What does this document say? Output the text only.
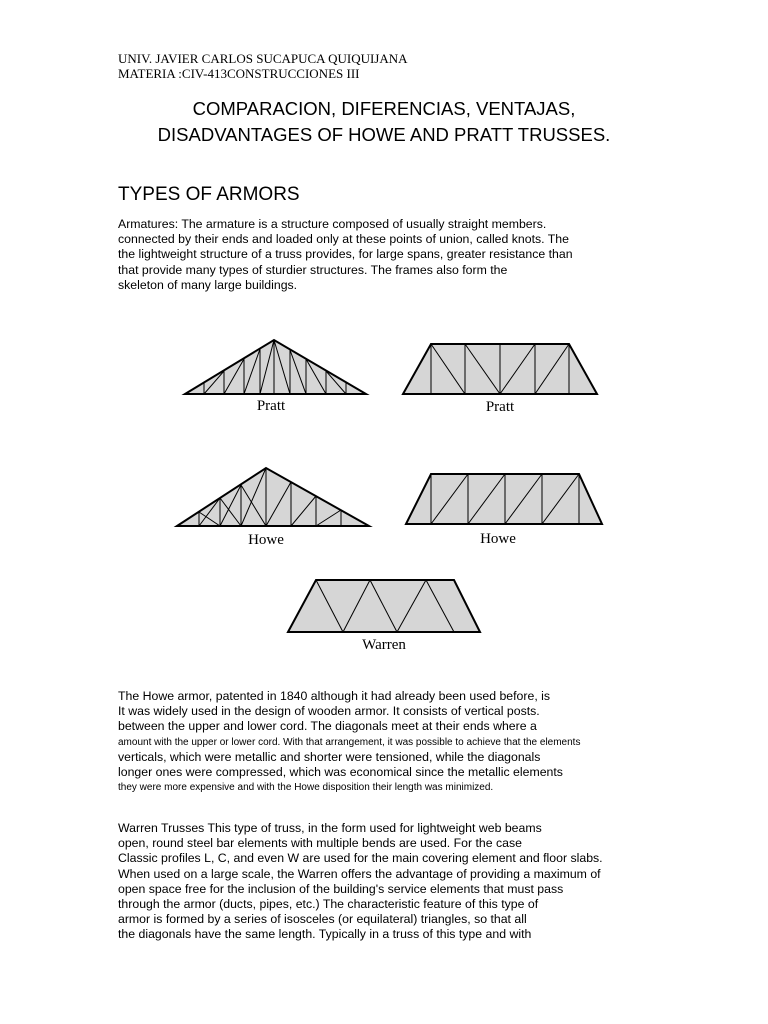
UNIV. JAVIER CARLOS SUCAPUCA QUIQUIJANA
MATERIA :CIV-413CONSTRUCCIONES III
COMPARACION, DIFERENCIAS, VENTAJAS,
DISADVANTAGES OF HOWE AND PRATT TRUSSES.
TYPES OF ARMORS
Armatures: The armature is a structure composed of usually straight members.
connected by their ends and loaded only at these points of union, called knots. The
the lightweight structure of a truss provides, for large spans, greater resistance than
that provide many types of sturdier structures. The frames also form the
skeleton of many large buildings.
Pratt	Pratt
Howe	Howe
Warren
The Howe armor, patented in 1840 although it had already been used before, is
It was widely used in the design of wooden armor. It consists of vertical posts.
between the upper and lower cord. The diagonals meet at their ends where a
amount with the upper or lower cord. With that arrangement, it was possible to achieve that the elements
verticals, which were metallic and shorter were tensioned, while the diagonals
longer ones were compressed, which was economical since the metallic elements
they were more expensive and with the Howe disposition their length was minimized.
Warren Trusses This type of truss, in the form used for lightweight web beams
open, round steel bar elements with multiple bends are used. For the case
Classic profiles L, C, and even W are used for the main covering element and floor slabs.
When used on a large scale, the Warren offers the advantage of providing a maximum of
open space free for the inclusion of the building's service elements that must pass
through the armor (ducts, pipes, etc.) The characteristic feature of this type of
armor is formed by a series of isosceles (or equilateral) triangles, so that all
the diagonals have the same length. Typically in a truss of this type and with
